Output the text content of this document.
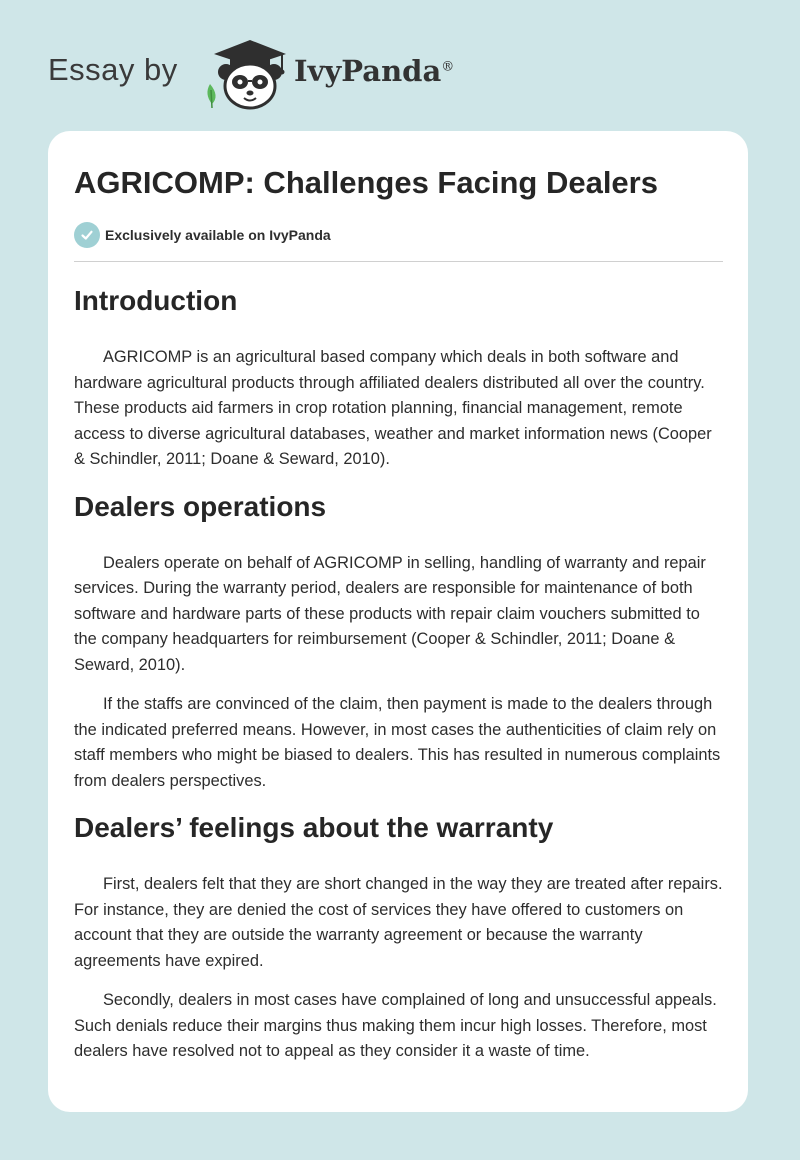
Essay by	IvyPanda®
AGRICOMP: Challenges Facing Dealers
Exclusively available on IvyPanda
Introduction

AGRICOMP is an agricultural based company which deals in both software and hardware agricultural products through affiliated dealers distributed all over the country. These products aid farmers in crop rotation planning, financial management, remote access to diverse agricultural databases, weather and market information news (Cooper & Schindler, 2011; Doane & Seward, 2010).

Dealers operations

Dealers operate on behalf of AGRICOMP in selling, handling of warranty and repair services. During the warranty period, dealers are responsible for maintenance of both software and hardware parts of these products with repair claim vouchers submitted to the company headquarters for reimbursement (Cooper & Schindler, 2011; Doane & Seward, 2010).

If the staffs are convinced of the claim, then payment is made to the dealers through the indicated preferred means. However, in most cases the authenticities of claim rely on staff members who might be biased to dealers. This has resulted in numerous complaints from dealers perspectives.

Dealers’ feelings about the warranty

First, dealers felt that they are short changed in the way they are treated after repairs. For instance, they are denied the cost of services they have offered to customers on account that they are outside the warranty agreement or because the warranty agreements have expired.

Secondly, dealers in most cases have complained of long and unsuccessful appeals. Such denials reduce their margins thus making them incur high losses. Therefore, most dealers have resolved not to appeal as they consider it a waste of time.
